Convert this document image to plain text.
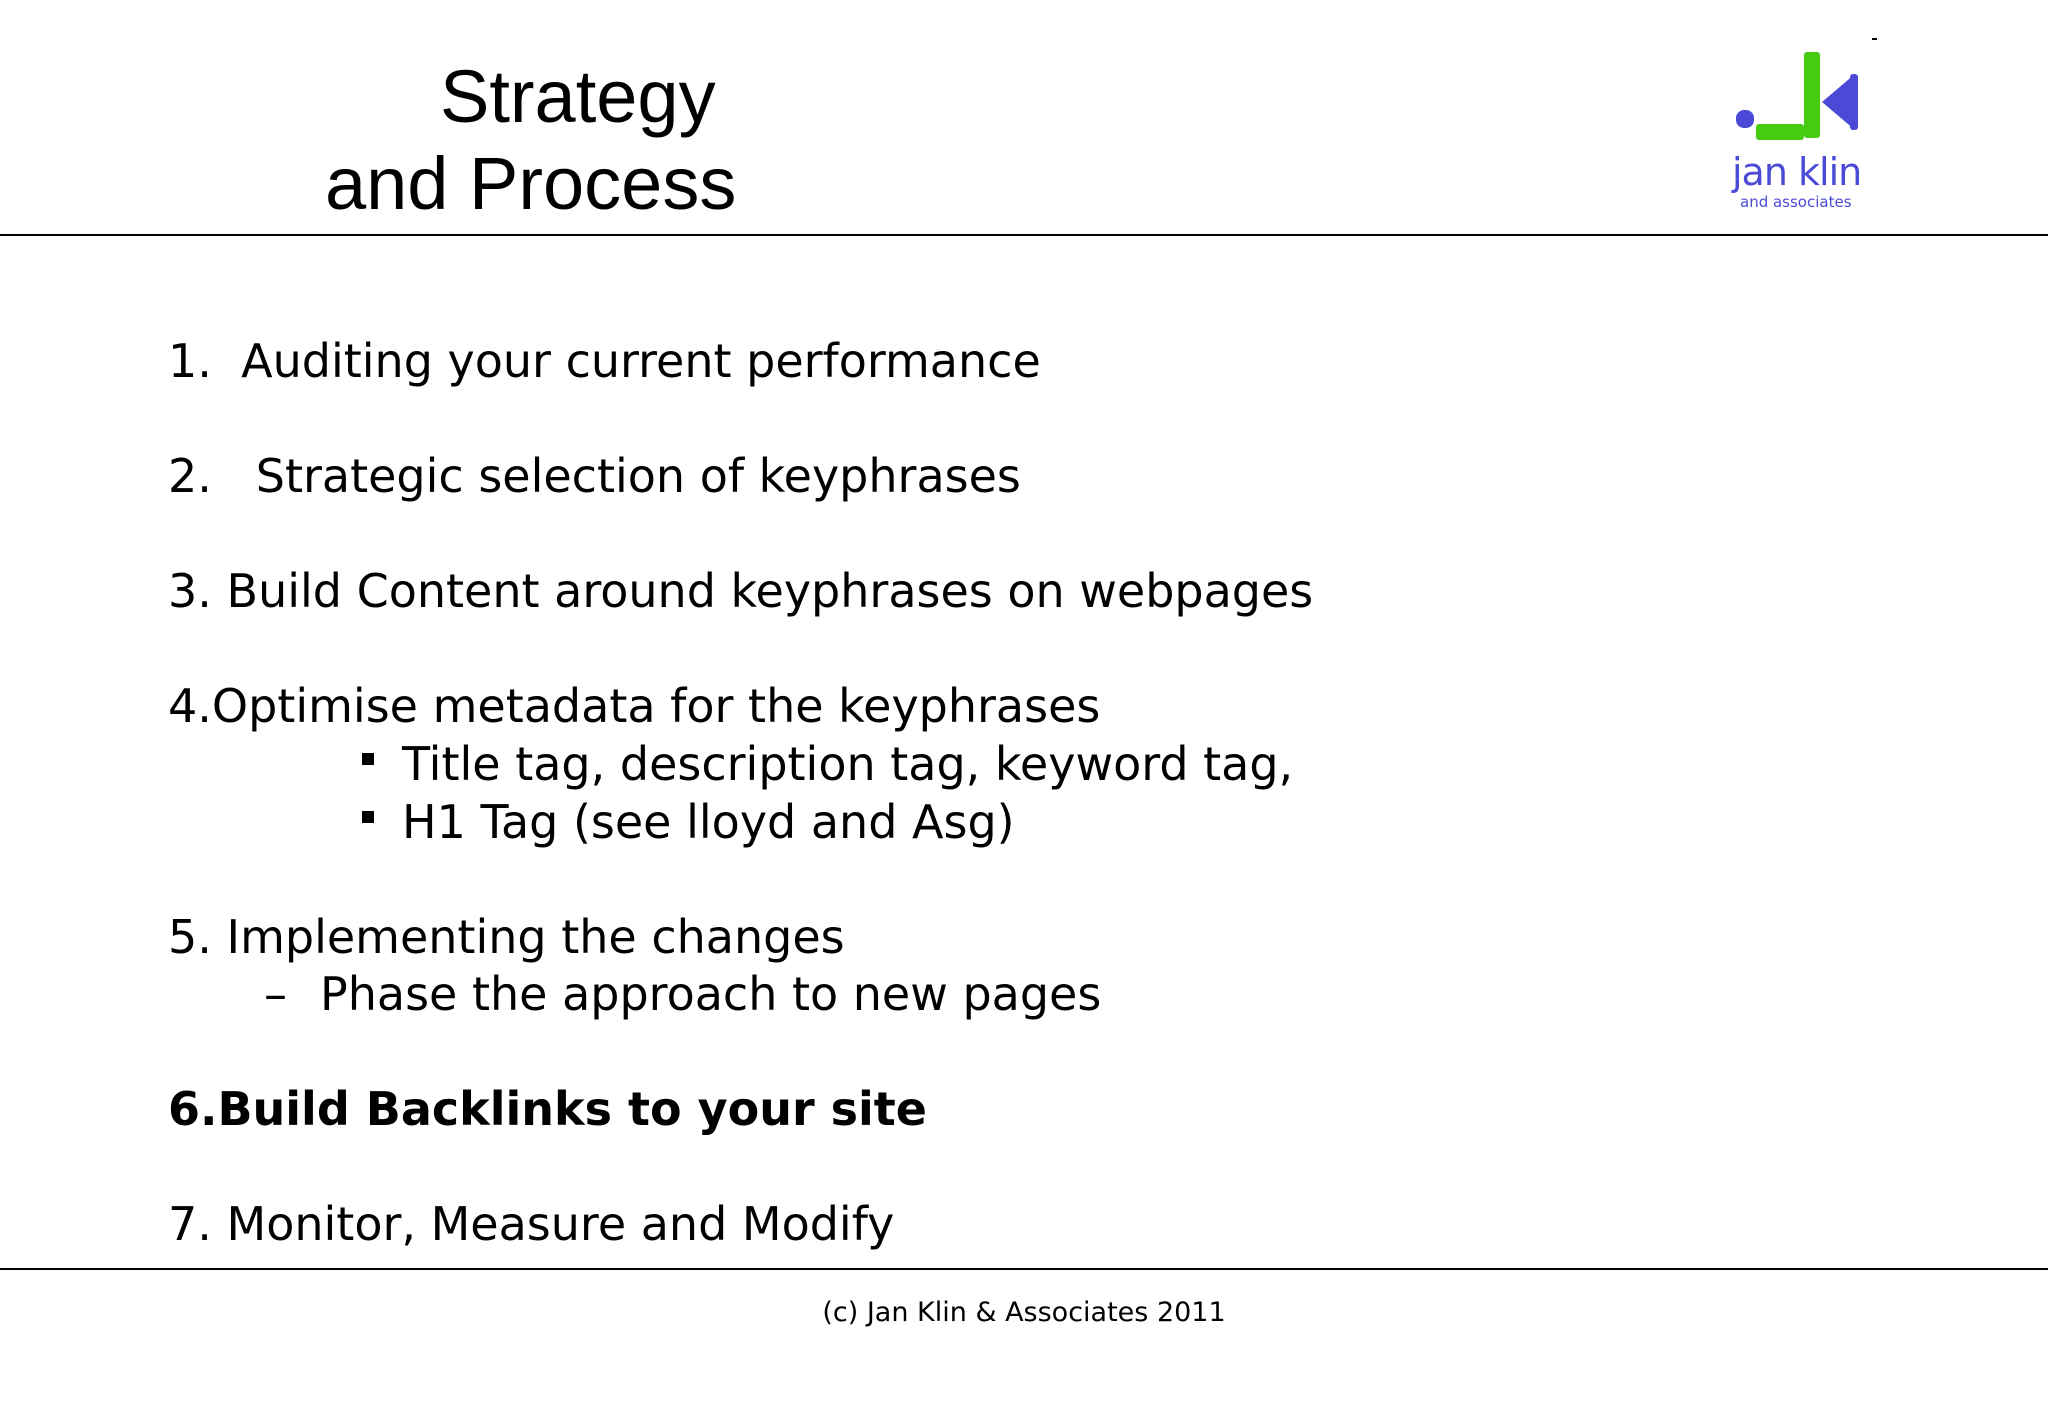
Strategy
and Process	jan klin
and associates
1.  Auditing your current performance
2.   Strategic selection of keyphrases
3. Build Content around keyphrases on webpages
4.Optimise metadata for the keyphrases
Title tag, description tag, keyword tag,
H1 Tag (see lloyd and Asg)
5. Implementing the changes
– Phase the approach to new pages
6.Build Backlinks to your site
7. Monitor, Measure and Modify
(c) Jan Klin & Associates 2011
